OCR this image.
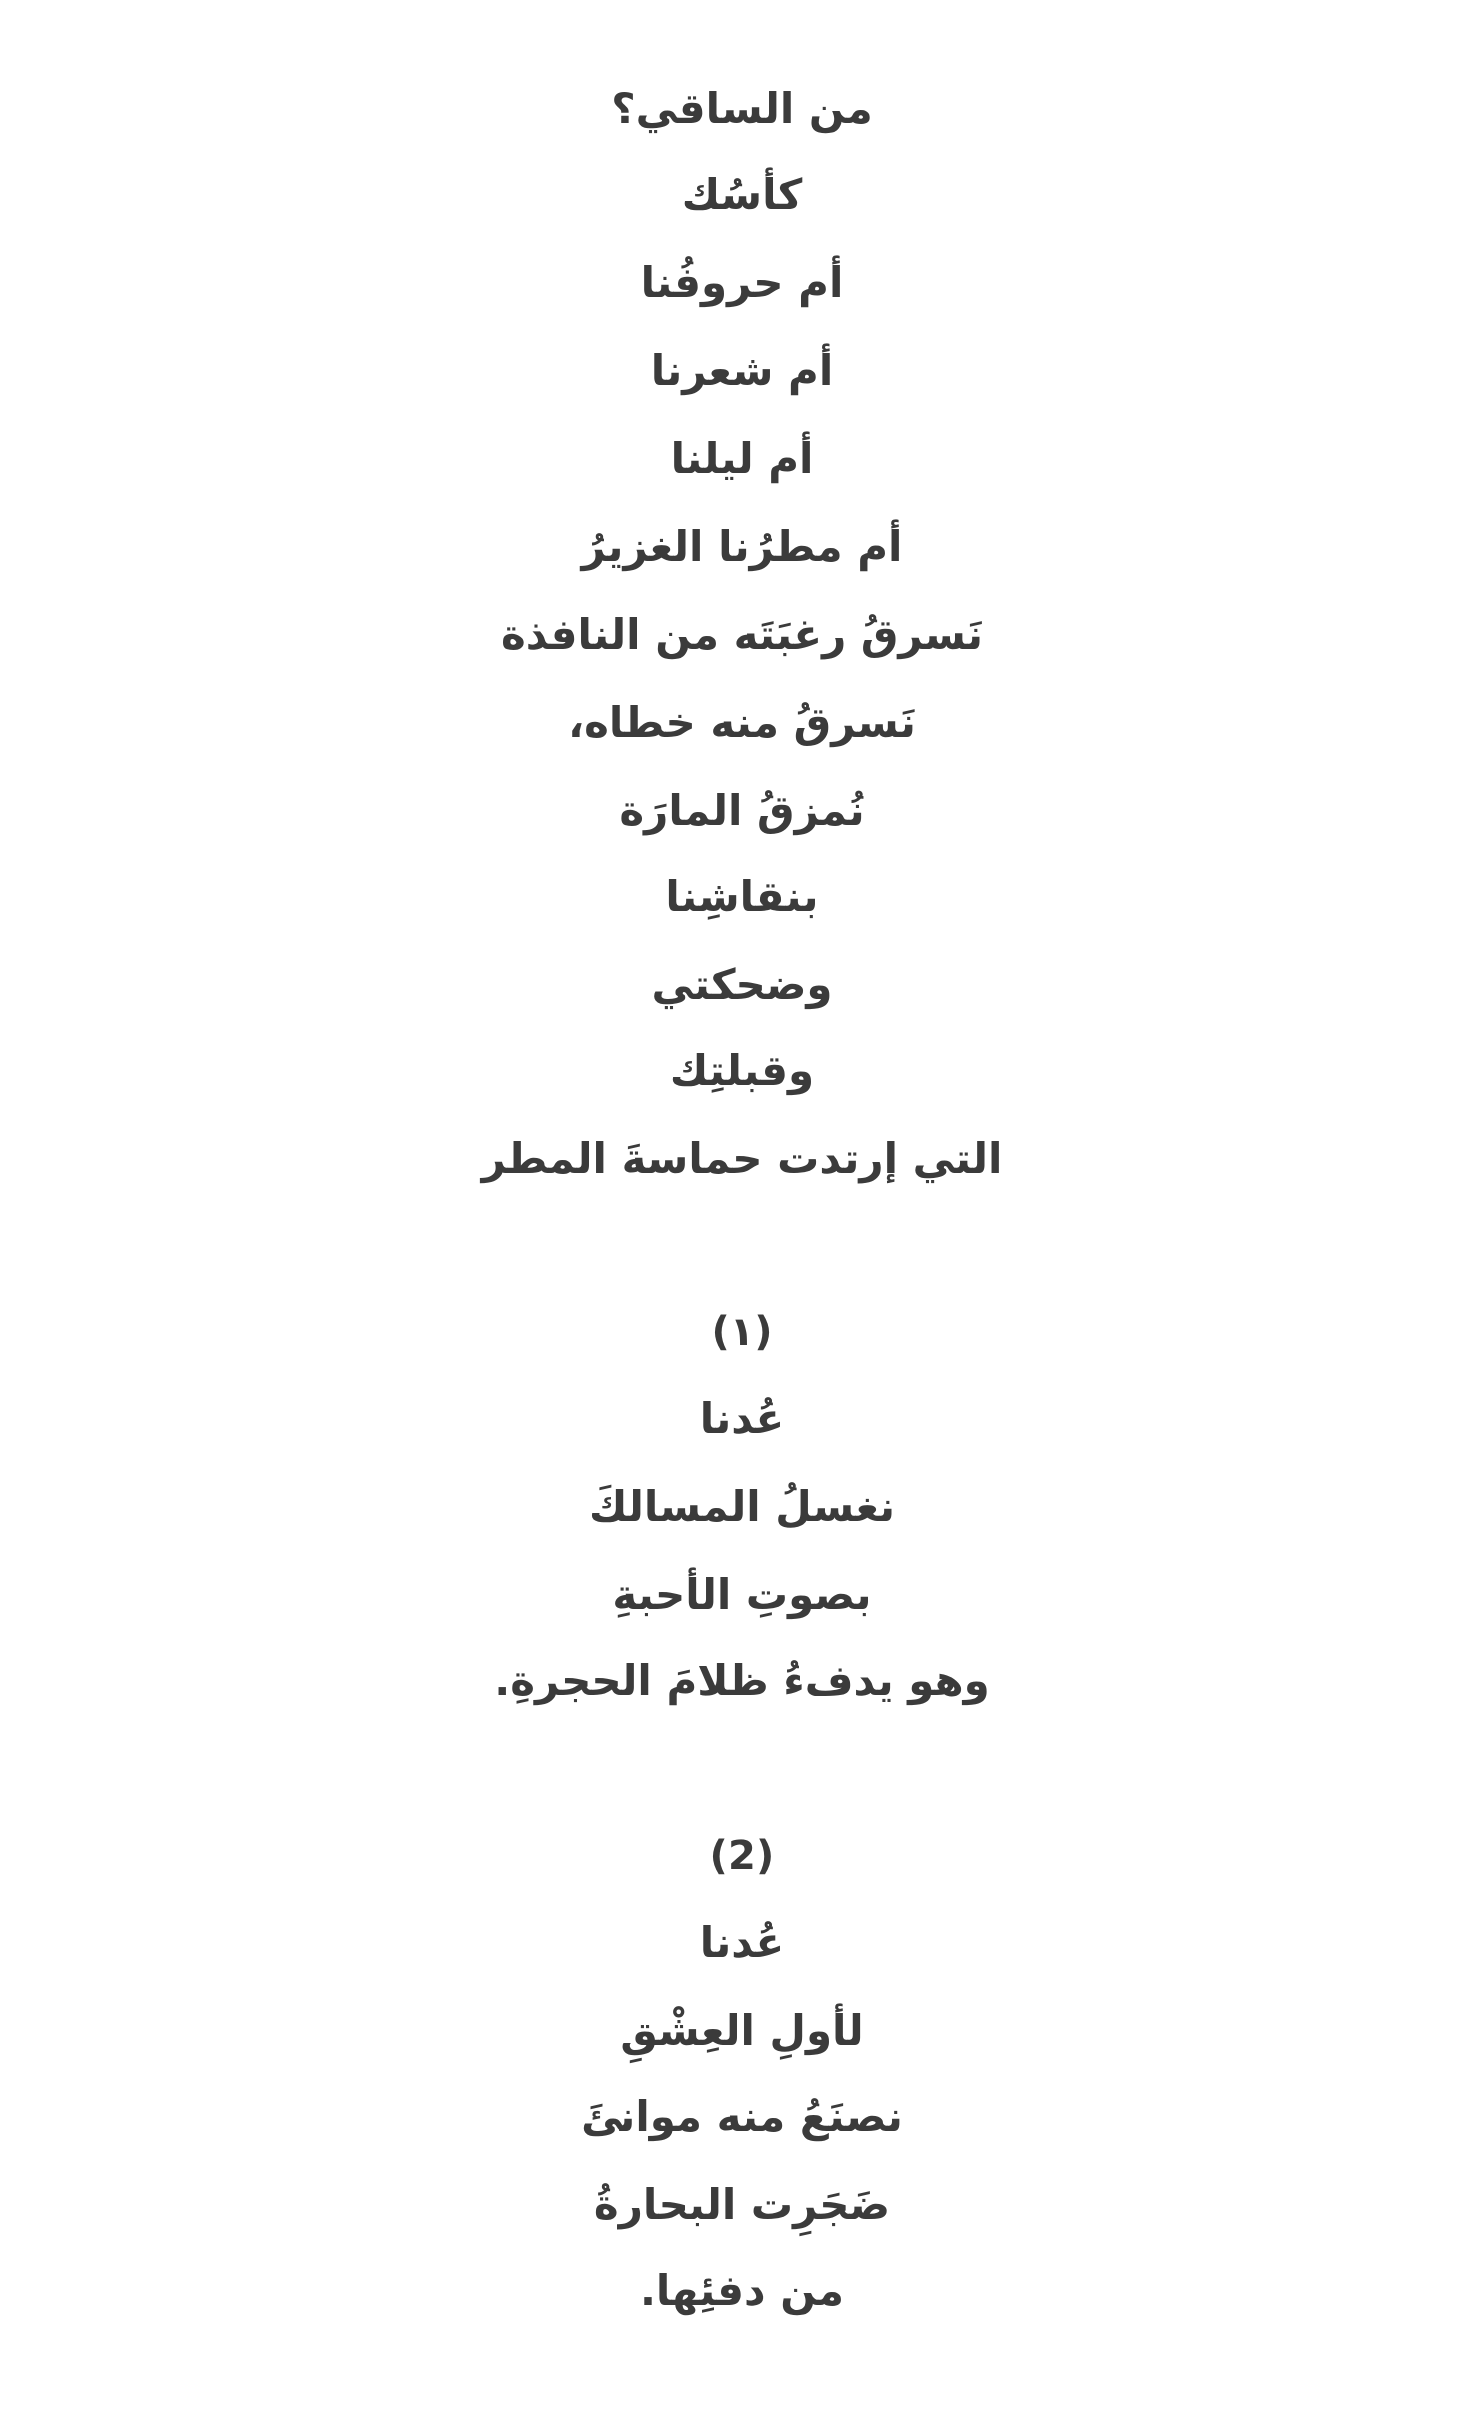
من الساقي؟
كأسُك
أم حروفُنا
أم شعرنا
أم ليلنا
أم مطرُنا الغزيرُ
نَسرقُ رغبَتَه من النافذة
نَسرقُ منه خطاه،
نُمزقُ المارَة
بنقاشِنا
وضحكتي
وقبلتِك
التي إرتدت حماسةَ المطر
(١)
عُدنا
نغسلُ المسالكَ
بصوتِ الأحبةِ
وهو يدفءُ ظلامَ الحجرةِ.
(2)
عُدنا
لأولِ العِشْقِ
نصنَعُ منه موانئَ
ضَجَرِت البحارةُ
من دفئِها.
